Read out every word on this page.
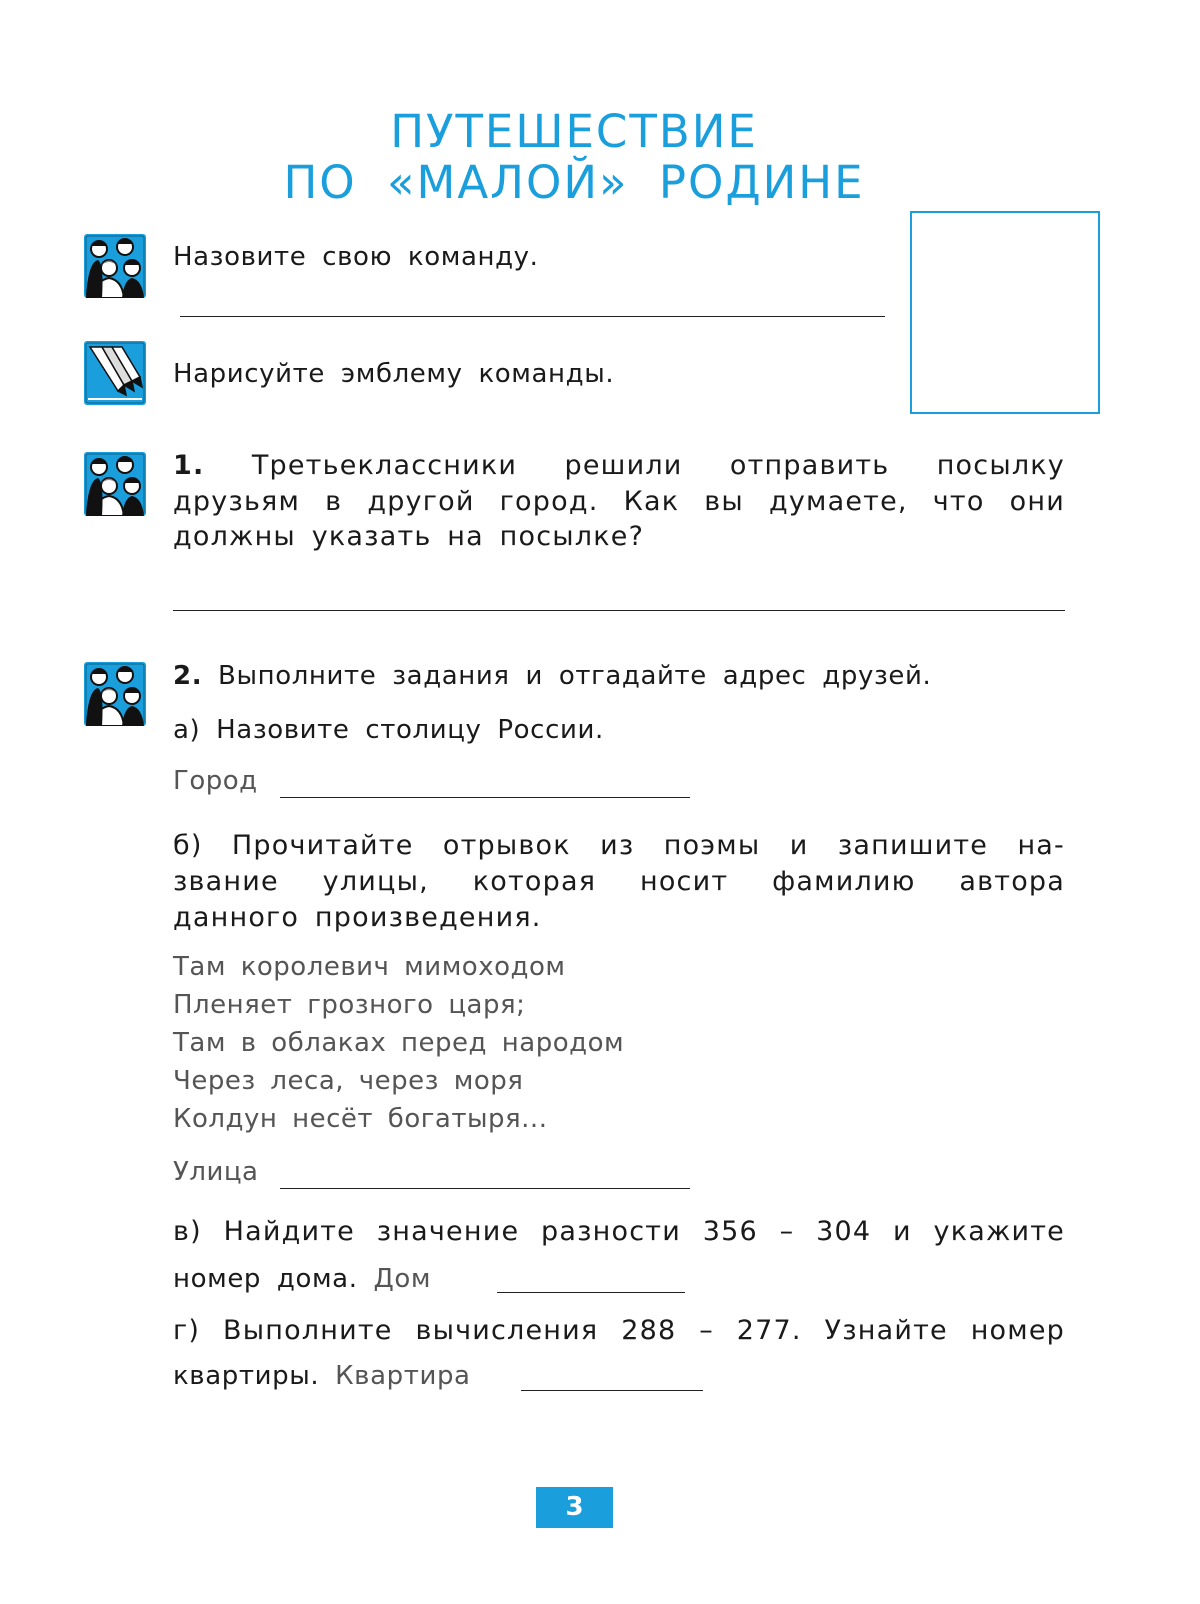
ПУТЕШЕСТВИЕ
ПО «МАЛОЙ» РОДИНЕ

Назовите свою команду.

Нарисуйте эмблему команды.

1. Третьеклассники решили отправить посылку
друзьям в другой город. Как вы думаете, что они
должны указать на посылке?

2. Выполните задания и отгадайте адрес друзей.

а) Назовите столицу России.

Город
б) Прочитайте отрывок из поэмы и запишите на-
звание улицы, которая носит фамилию автора
данного произведения.
Там королевич мимоходом
Пленяет грозного царя;
Там в облаках перед народом
Через леса, через моря
Колдун несёт богатыря...
Улица
в) Найдите значение разности 356 – 304 и укажите

номер дома. Дом

г) Выполните вычисления 288 – 277. Узнайте номер

квартиры. Квартира

3
